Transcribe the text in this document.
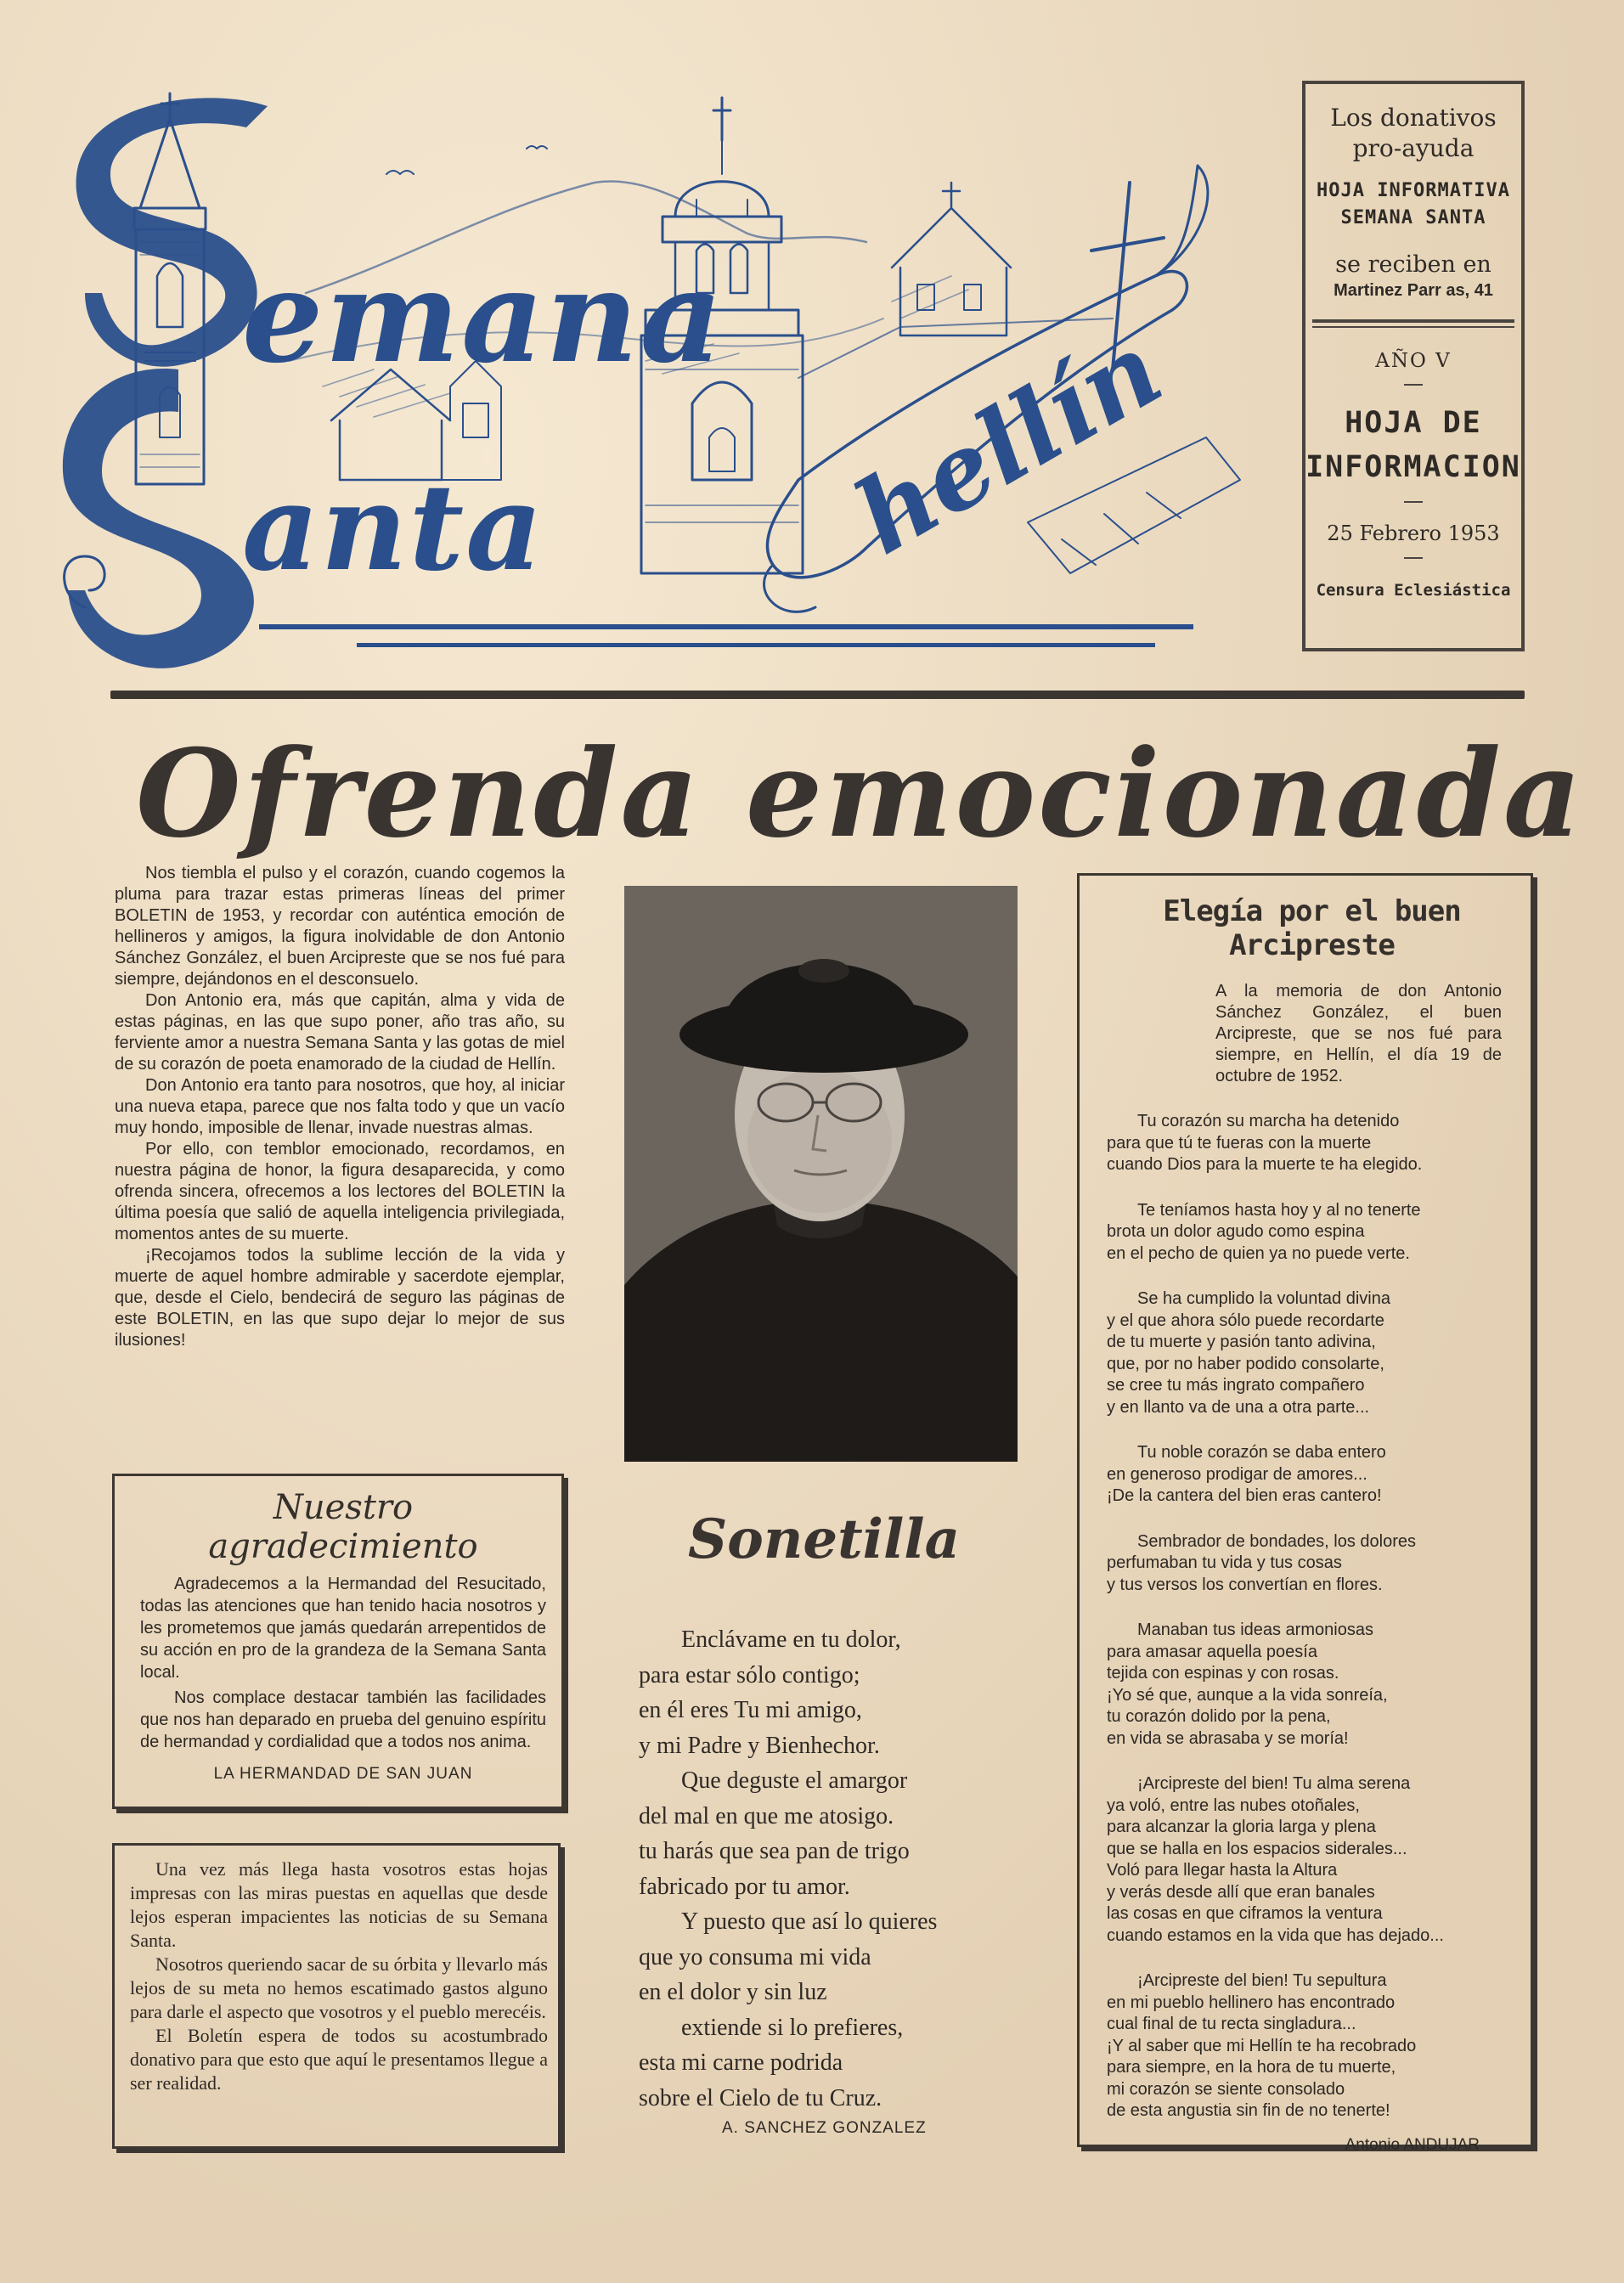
emana
anta	hellín
Los donativos
pro-ayuda
HOJA INFORMATIVA
SEMANA SANTA
se reciben en
Martinez Parr as, 41
AÑO V
HOJA DE
INFORMACION
25 Febrero 1953
Censura Eclesiástica
Ofrenda emocionada

Nos tiembla el pulso y el corazón, cuando cogemos la pluma para trazar estas primeras líneas del primer BOLETIN de 1953, y recordar con auténtica emoción de hellineros y amigos, la figura inolvidable de don Antonio Sánchez González, el buen Arcipreste que se nos fué para siempre, dejándonos en el desconsuelo.

Don Antonio era, más que capitán, alma y vida de estas páginas, en las que supo poner, año tras año, su ferviente amor a nuestra Semana Santa y las gotas de miel de su corazón de poeta enamorado de la ciudad de Hellín.

Don Antonio era tanto para nosotros, que hoy, al iniciar una nueva etapa, parece que nos falta todo y que un vacío muy hondo, imposible de llenar, invade nuestras almas.

Por ello, con temblor emocionado, recordamos, en nuestra página de honor, la figura desaparecida, y como ofrenda sincera, ofrecemos a los lectores del BOLETIN la última poesía que salió de aquella inteligencia privilegiada, momentos antes de su muerte.

¡Recojamos todos la sublime lección de la vida y muerte de aquel hombre admirable y sacerdote ejemplar, que, desde el Cielo, bendecirá de seguro las páginas de este BOLETIN, en las que supo dejar lo mejor de sus ilusiones!

Nuestro agradecimiento

Agradecemos a la Hermandad del Resucitado, todas las atenciones que han tenido hacia nosotros y les prometemos que jamás quedarán arrepentidos de su acción en pro de la grandeza de la Semana Santa local.

Nos complace destacar también las facilidades que nos han deparado en prueba del genuino espíritu de hermandad y cordialidad que a todos nos anima.

LA HERMANDAD DE SAN JUAN

Una vez más llega hasta vosotros estas hojas impresas con las miras puestas en aquellas que desde lejos esperan impacientes las noticias de su Semana Santa.

Nosotros queriendo sacar de su órbita y llevarlo más lejos de su meta no hemos escatimado gastos alguno para darle el aspecto que vosotros y el pueblo merecéis.

El Boletín espera de todos su acostumbrado donativo para que esto que aquí le presentamos llegue a ser realidad.

Sonetilla
Enclávame en tu dolor,
para estar sólo contigo;
en él eres Tu mi amigo,
y mi Padre y Bienhechor.
Que deguste el amargor
del mal en que me atosigo.
tu harás que sea pan de trigo
fabricado por tu amor.
Y puesto que así lo quieres
que yo consuma mi vida
en el dolor y sin luz
extiende si lo prefieres,
esta mi carne podrida
sobre el Cielo de tu Cruz.
A. SANCHEZ GONZALEZ
Elegía por el buen Arcipreste
A la memoria de don Antonio Sánchez González, el buen Arcipreste, que se nos fué para siempre, en Hellín, el día 19 de octubre de 1952.
Tu corazón su marcha ha detenido
para que tú te fueras con la muerte
cuando Dios para la muerte te ha elegido.
Te teníamos hasta hoy y al no tenerte
brota un dolor agudo como espina
en el pecho de quien ya no puede verte.
Se ha cumplido la voluntad divina
y el que ahora sólo puede recordarte
de tu muerte y pasión tanto adivina,
que, por no haber podido consolarte,
se cree tu más ingrato compañero
y en llanto va de una a otra parte...
Tu noble corazón se daba entero
en generoso prodigar de amores...
¡De la cantera del bien eras cantero!
Sembrador de bondades, los dolores
perfumaban tu vida y tus cosas
y tus versos los convertían en flores.
Manaban tus ideas armoniosas
para amasar aquella poesía
tejida con espinas y con rosas.
¡Yo sé que, aunque a la vida sonreía,
tu corazón dolido por la pena,
en vida se abrasaba y se moría!
¡Arcipreste del bien! Tu alma serena
ya voló, entre las nubes otoñales,
para alcanzar la gloria larga y plena
que se halla en los espacios siderales...
Voló para llegar hasta la Altura
y verás desde allí que eran banales
las cosas en que ciframos la ventura
cuando estamos en la vida que has dejado...
¡Arcipreste del bien! Tu sepultura
en mi pueblo hellinero has encontrado
cual final de tu recta singladura...
¡Y al saber que mi Hellín te ha recobrado
para siempre, en la hora de tu muerte,
mi corazón se siente consolado
de esta angustia sin fin de no tenerte!
Antonio ANDUJAR
